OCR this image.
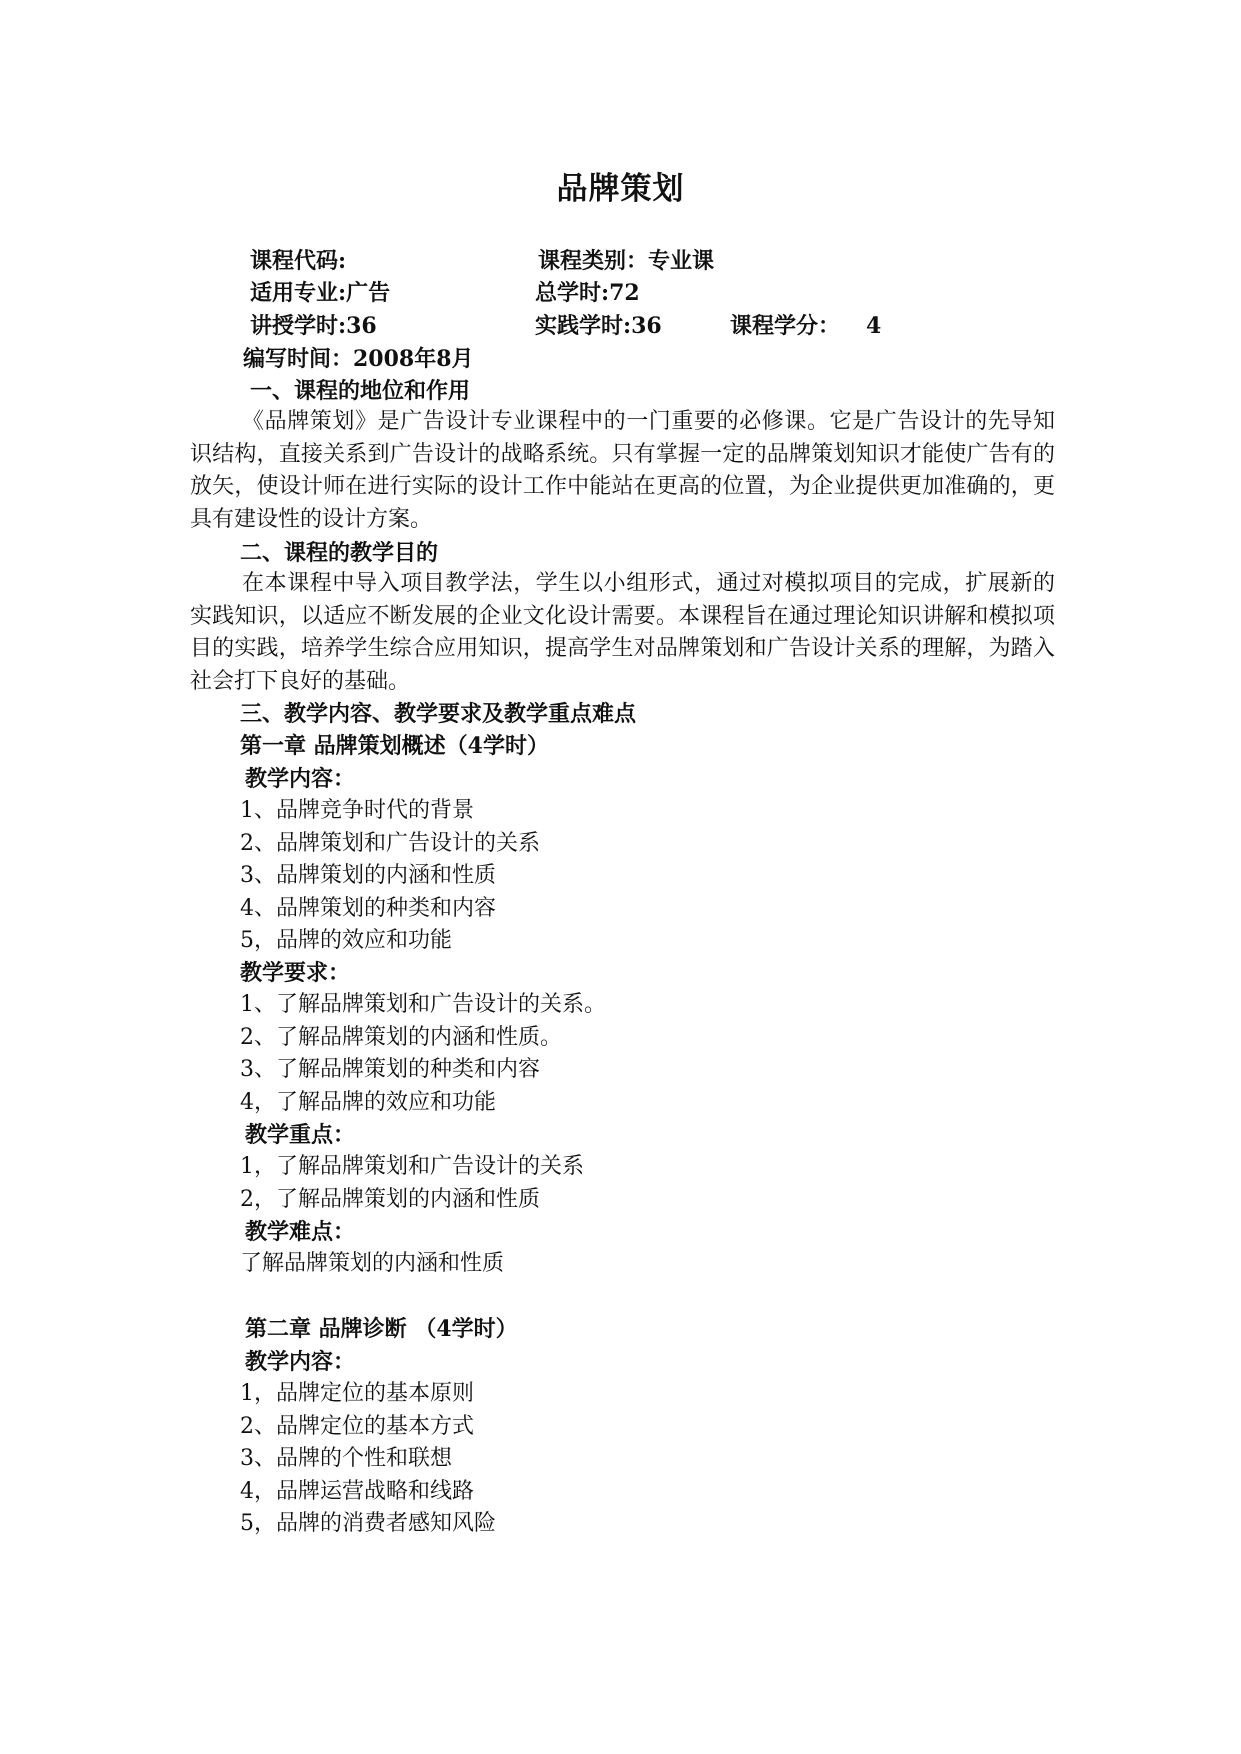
品牌策划
课程代码:	课程类别：专业课
适用专业:广告	总学时:72
讲授学时:36	实践学时:36	课程学分： 4
编写时间：2008年8月
一、课程的地位和作用
《品牌策划》是广告设计专业课程中的一门重要的必修课。它是广告设计的先导知识结构，直接关系到广告设计的战略系统。只有掌握一定的品牌策划知识才能使广告有的放矢，使设计师在进行实际的设计工作中能站在更高的位置，为企业提供更加准确的，更具有建设性的设计方案。
二、课程的教学目的
在本课程中导入项目教学法，学生以小组形式，通过对模拟项目的完成，扩展新的实践知识，以适应不断发展的企业文化设计需要。本课程旨在通过理论知识讲解和模拟项目的实践，培养学生综合应用知识，提高学生对品牌策划和广告设计关系的理解，为踏入社会打下良好的基础。
三、教学内容、教学要求及教学重点难点
第一章 品牌策划概述（4学时）
教学内容：
1、品牌竞争时代的背景
2、品牌策划和广告设计的关系
3、品牌策划的内涵和性质
4、品牌策划的种类和内容
5，品牌的效应和功能
教学要求：
1、了解品牌策划和广告设计的关系。
2、了解品牌策划的内涵和性质。
3、了解品牌策划的种类和内容
4，了解品牌的效应和功能
教学重点：
1，了解品牌策划和广告设计的关系
2，了解品牌策划的内涵和性质
教学难点：
了解品牌策划的内涵和性质
第二章 品牌诊断 （4学时）
教学内容：
1，品牌定位的基本原则
2、品牌定位的基本方式
3、品牌的个性和联想
4，品牌运营战略和线路
5，品牌的消费者感知风险
